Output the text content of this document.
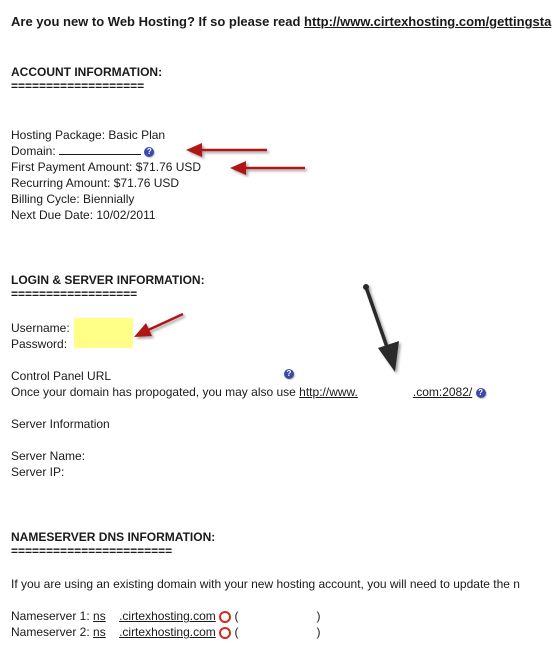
Are you new to Web Hosting? If so please read http://www.cirtexhosting.com/gettingsta
ACCOUNT INFORMATION:
===================
Hosting Package: Basic Plan
Domain:	?
First Payment Amount: $71.76 USD
Recurring Amount: $71.76 USD
Billing Cycle: Biennially
Next Due Date: 10/02/2011
LOGIN & SERVER INFORMATION:
==================
Username:
Password:
Control Panel URL	?
Once your domain has propogated, you may also use http://www.	.com:2082/ ?
Server Information
Server Name:
Server IP:
NAMESERVER DNS INFORMATION:
=======================
If you are using an existing domain with your new hosting account, you will need to update the n
Nameserver 1: ns .cirtexhosting.com (	)
Nameserver 2: ns .cirtexhosting.com (	)
